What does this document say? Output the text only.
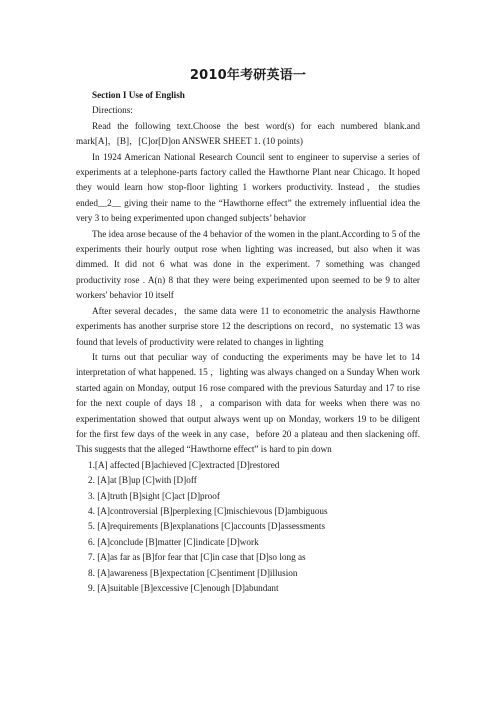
2010年考研英语一
Section I Use of English
Directions:
Read the following text.Choose the best word(s) for each numbered blank.and mark[A]，[B]，[C]or[D]on ANSWER SHEET 1. (10 points)
In 1924 American National Research Council sent to engineer to supervise a series of experiments at a telephone-parts factory called the Hawthorne Plant near Chicago. It hoped they would learn how stop-floor lighting 1 workers productivity. Instead，the studies ended__2__ giving their name to the “Hawthorne effect” the extremely influential idea the very 3 to being experimented upon changed subjects’ behavior
The idea arose because of the 4 behavior of the women in the plant.According to 5 of the experiments their hourly output rose when lighting was increased, but also when it was dimmed. It did not 6 what was done in the experiment. 7 something was changed productivity rose . A(n) 8 that they were being experimented upon seemed to be 9 to alter workers' behavior 10 itself
After several decades，the same data were 11 to econometric the analysis Hawthorne experiments has another surprise store 12 the descriptions on record，no systematic 13 was found that levels of productivity were related to changes in lighting
It turns out that peculiar way of conducting the experiments may be have let to 14 interpretation of what happened. 15 ，lighting was always changed on a Sunday When work started again on Monday, output 16 rose compared with the previous Saturday and 17 to rise for the next couple of days 18 ，a comparison with data for weeks when there was no experimentation showed that output always went up on Monday, workers 19 to be diligent for the first few days of the week in any case，before 20 a plateau and then slackening off. This suggests that the alleged “Hawthorne effect” is hard to pin down
1.[A] affected [B]achieved [C]extracted [D]restored
2. [A]at [B]up [C]with [D]off
3. [A]truth [B]sight [C]act [D]proof
4. [A]controversial [B]perplexing [C]mischievous [D]ambiguous
5. [A]requirements [B]explanations [C]accounts [D]assessments
6. [A]conclude [B]matter [C]indicate [D]work
7. [A]as far as [B]for fear that [C]in case that [D]so long as
8. [A]awareness [B]expectation [C]sentiment [D]illusion
9. [A]suitable [B]excessive [C]enough [D]abundant
